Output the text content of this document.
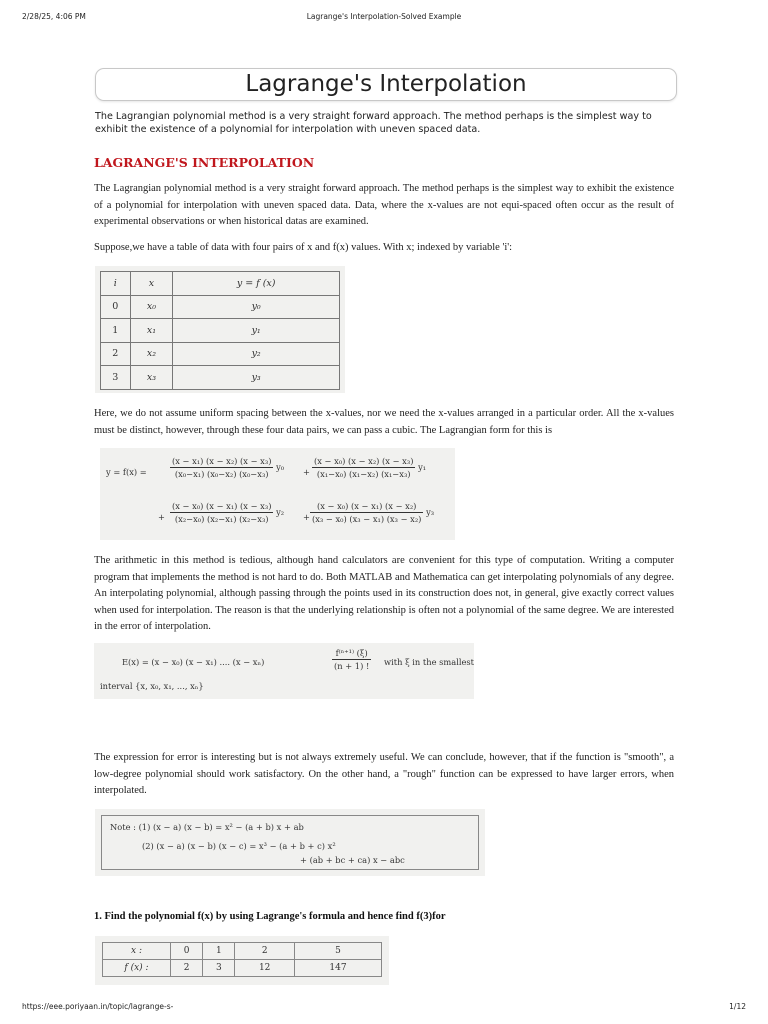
2/28/25, 4:06 PM	Lagrange's Interpolation-Solved Example
Lagrange's Interpolation

The Lagrangian polynomial method is a very straight forward approach. The method perhaps is the simplest way to exhibit the existence of a polynomial for interpolation with uneven spaced data.

LAGRANGE'S INTERPOLATION

The Lagrangian polynomial method is a very straight forward approach. The method perhaps is the simplest way to exhibit the existence of a polynomial for interpolation with uneven spaced data. Data, where the x-values are not equi-spaced often occur as the result of experimental observations or when historical datas are examined.

Suppose,we have a table of data with four pairs of x and f(x) values. With x; indexed by variable 'i':

i	x	y = f (x)
0	x₀	y₀
1	x₁	y₁
2	x₂	y₂
3	x₃	y₃

Here, we do not assume uniform spacing between the x-values, nor we need the x-values arranged in a particular order. All the x-values must be distinct, however, through these four data pairs, we can pass a cubic. The Lagrangian form for this is

y = f(x) =	$\frac{\text{(x − x₁) (x − x₂) (x − x₃)}}{\text{(x₀−x₁) (x₀−x₂) (x₀−x₃)}} y_0 + \frac{\text{(x − x₀) (x − x₂) (x − x₃)}}{\text{(x₁−x₀) (x₁−x₂) (x₁−x₃)}} y_1$
+ $\frac{\text{(x − x₀) (x − x₁) (x − x₃)}}{\text{(x₂−x₀) (x₂−x₁) (x₂−x₃)}} y_2 + \frac{\text{(x − x₀) (x − x₁) (x − x₂)}}{\text{(x₃ − x₀) (x₃ − x₁) (x₃ − x₂)}} y_3$

The arithmetic in this method is tedious, although hand calculators are convenient for this type of computation. Writing a computer program that implements the method is not hard to do. Both MATLAB and Mathematica can get interpolating polynomials of any degree. An interpolating polynomial, although passing through the points used in its construction does not, in general, give exactly correct values when used for interpolation. The reason is that the underlying relationship is often not a polynomial of the same degree. We are interested in the error of interpolation.

E(x) = (x − x₀) (x − x₁) .... (x − xₙ)	$\frac{\text{f⁽ⁿ⁺¹⁾ (ξ)}}{(n + 1) !}$ with ξ in the smallest
interval {x, x₀, x₁, ..., xₙ}

The expression for error is interesting but is not always extremely useful. We can conclude, however, that if the function is "smooth", a low-degree polynomial should work satisfactory. On the other hand, a "rough" function can be expressed to have larger errors, when interpolated.

Note : (1) (x − a) (x − b) = x² − (a + b) x + ab
(2) (x − a) (x − b) (x − c) = x³ − (a + b + c) x²
+ (ab + bc + ca) x − abc

1. Find the polynomial f(x) by using Lagrange's formula and hence find f(3)for

x :	0	1	2	5
f (x) :	2	3	12	147
https://eee.poriyaan.in/topic/lagrange-s-	1/12
